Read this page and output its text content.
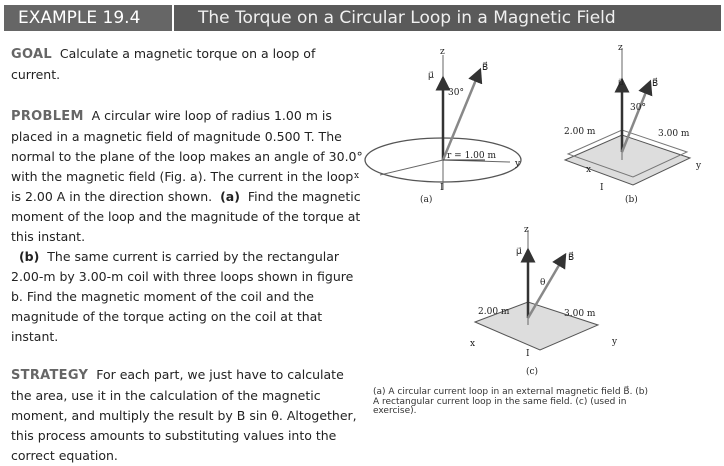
EXAMPLE 19.4	The Torque on a Circular Loop in a Magnetic Field
GOAL Calculate a magnetic torque on a loop of current.
PROBLEM A circular wire loop of radius 1.00 m is placed in a magnetic field of magnitude 0.500 T. The normal to the plane of the loop makes an angle of 30.0° with the magnetic field (Fig. a). The current in the loop is 2.00 A in the direction shown. (a) Find the magnetic moment of the loop and the magnitude of the torque at this instant.
(b) The same current is carried by the rectangular 2.00-m by 3.00-m coil with three loops shown in figure b. Find the magnetic moment of the coil and the magnitude of the torque acting on the coil at that instant.
STRATEGY For each part, we just have to calculate the area, use it in the calculation of the magnetic moment, and multiply the result by B sin θ. Altogether, this process amounts to substituting values into the correct equation.
z
μ⃗
B⃗
30°
r = 1.00 m
x
y
I
(a)
z
μ⃗	B⃗
30°
2.00 m	3.00 m
x	y
I
(b)
z
μ⃗
B⃗
θ
2.00 m	3.00 m
x	y
I
(c)
(a) A circular current loop in an external magnetic field B⃗. (b) A rectangular current loop in the same field. (c) (used in exercise).
